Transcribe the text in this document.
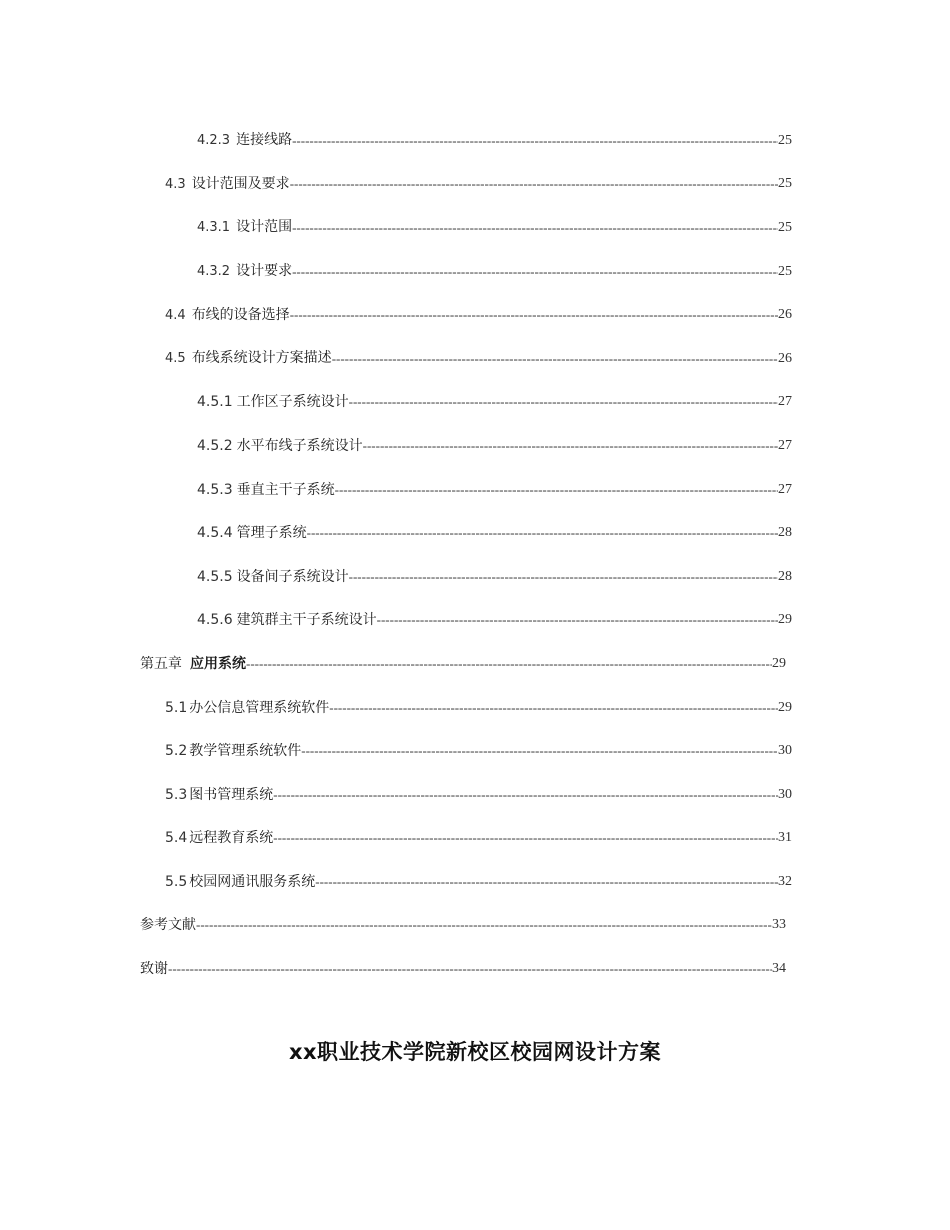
4.2.3 连接线路 -----	25
4.3 设计范围及要求 -----	25
4.3.1 设计范围 -----	25
4.3.2 设计要求 -----	25
4.4 布线的设备选择 -----	26
4.5 布线系统设计方案描述 -----	26
4.5.1 工作区子系统设计 -----	27
4.5.2 水平布线子系统设计 -----	27
4.5.3 垂直主干子系统 -----	27
4.5.4 管理子系统 -----	28
4.5.5 设备间子系统设计 -----	28
4.5.6 建筑群主干子系统设计 -----	29
第五章 应用系统 -----	29
5.1 办公信息管理系统软件 -----	29
5.2 教学管理系统软件 -----	30
5.3 图书管理系统 -----	30
5.4 远程教育系统 -----	31
5.5 校园网通讯服务系统 -----	32
参考文献 -----	33
致谢 -----	34
xx职业技术学院新校区校园网设计方案
